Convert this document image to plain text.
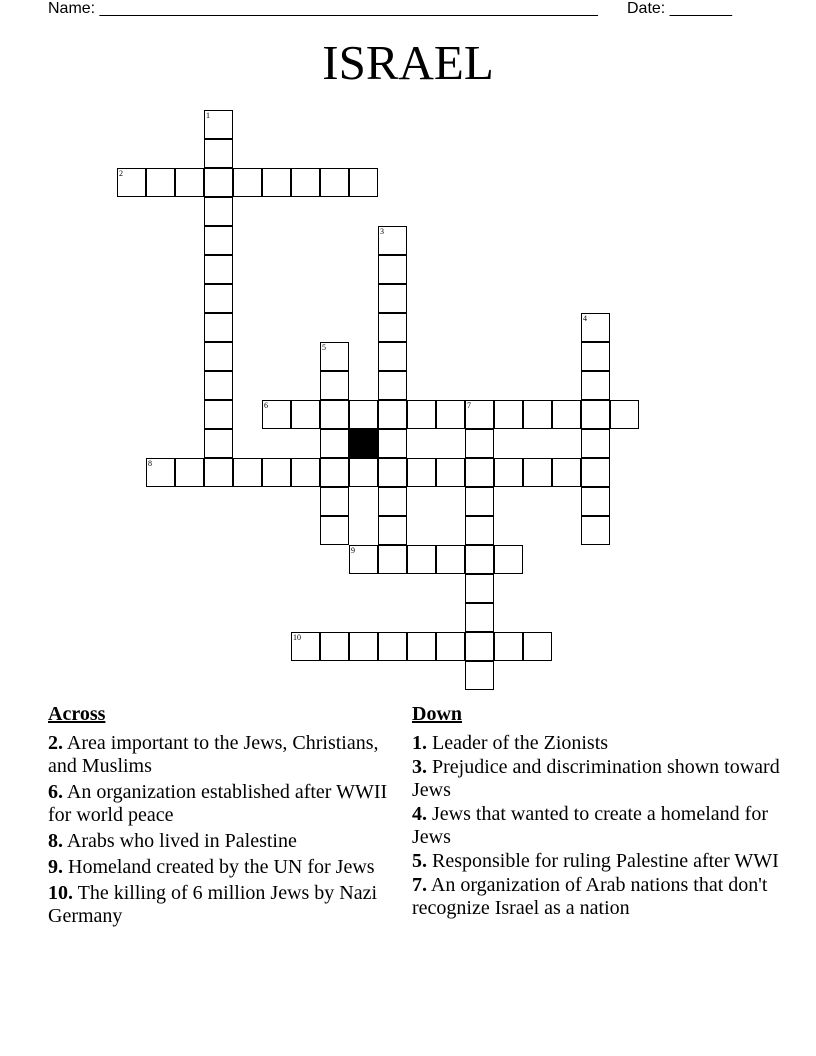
Name: ________________________________________________________ Date: _______
ISRAEL
1
2
3
4
5
6	7
8
9
10
Across
2. Area important to the Jews, Christians, and Muslims
6. An organization established after WWII for world peace
8. Arabs who lived in Palestine
9. Homeland created by the UN for Jews
10. The killing of 6 million Jews by Nazi Germany
Down
1. Leader of the Zionists
3. Prejudice and discrimination shown toward Jews
4. Jews that wanted to create a homeland for Jews
5. Responsible for ruling Palestine after WWI
7. An organization of Arab nations that don't recognize Israel as a nation
